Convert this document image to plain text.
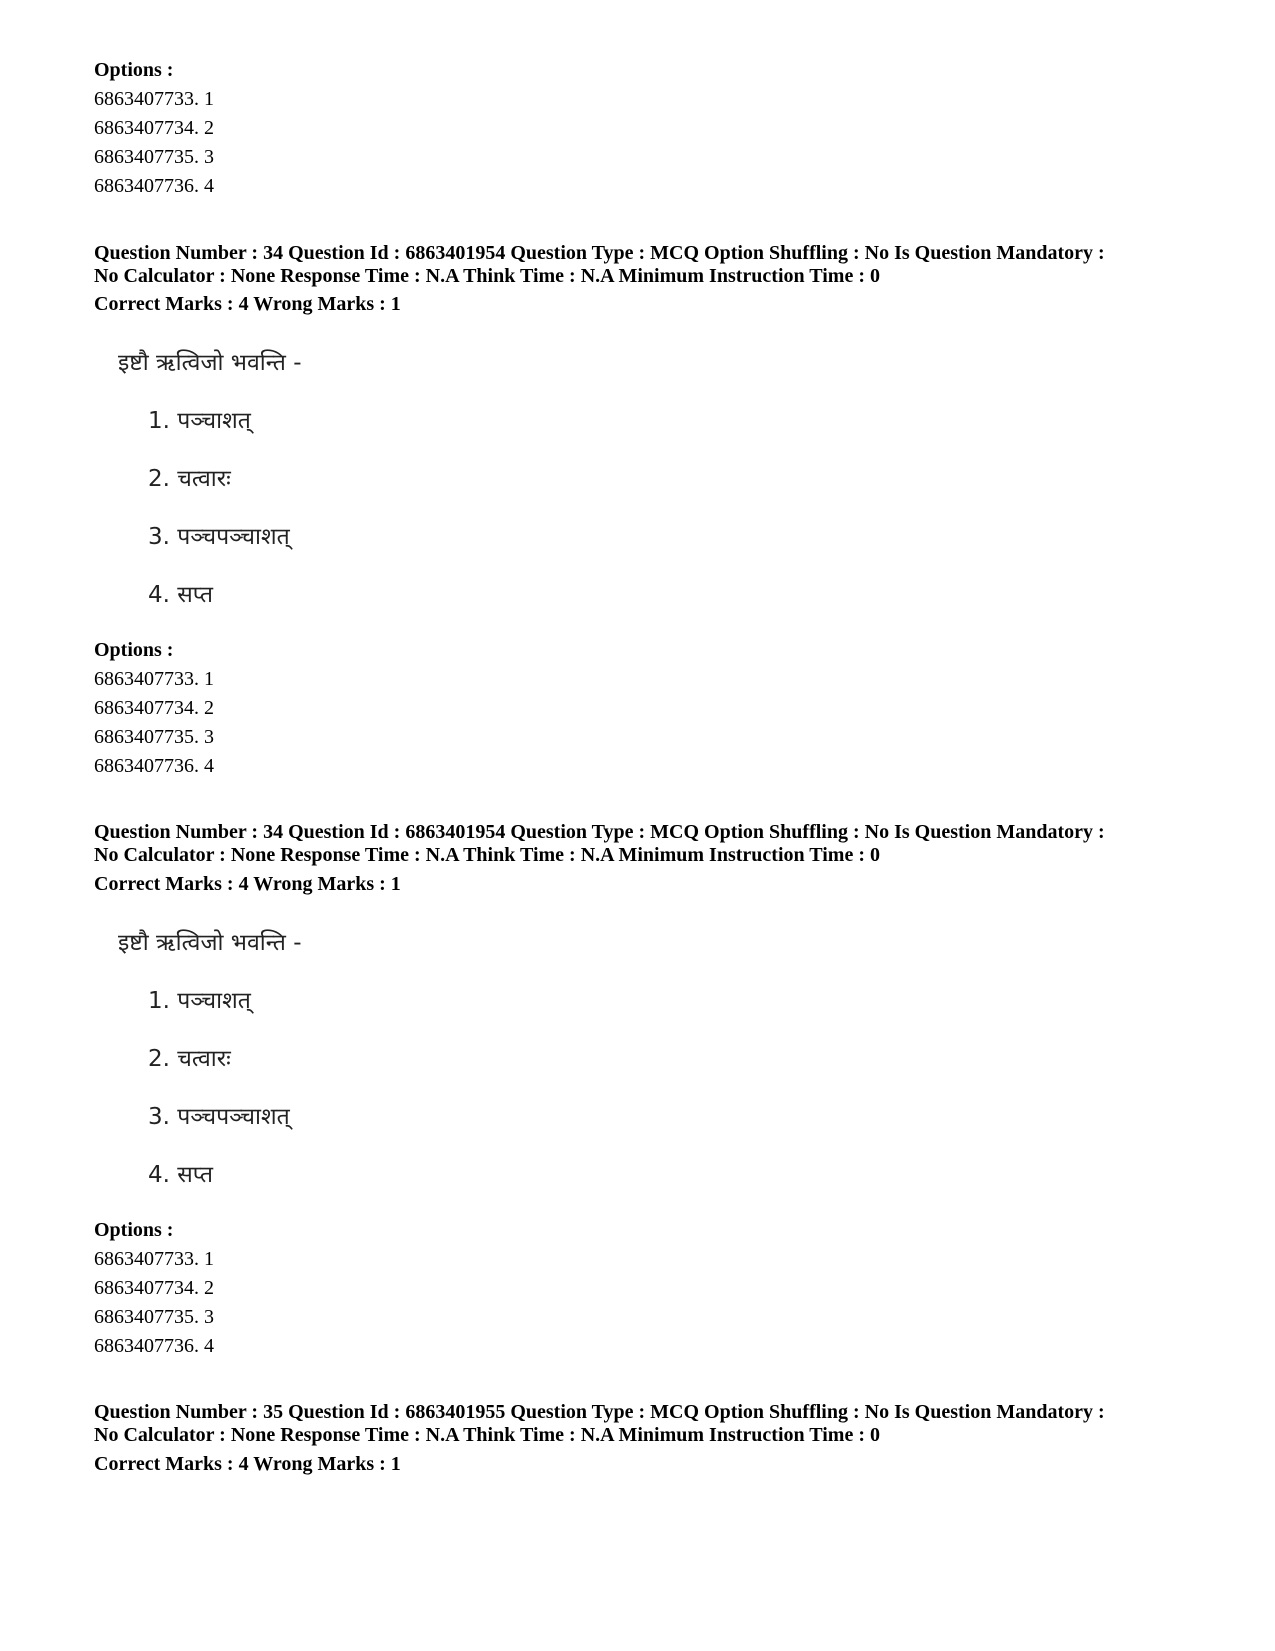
Options :
6863407733. 1
6863407734. 2
6863407735. 3
6863407736. 4
Question Number : 34 Question Id : 6863401954 Question Type : MCQ Option Shuffling : No Is Question Mandatory :
No Calculator : None Response Time : N.A Think Time : N.A Minimum Instruction Time : 0
Correct Marks : 4 Wrong Marks : 1
इष्टौ ऋत्विजो भवन्ति -
1. पञ्चाशत्
2. चत्वारः
3. पञ्चपञ्चाशत्
4. सप्त
Options :
6863407733. 1
6863407734. 2
6863407735. 3
6863407736. 4
Question Number : 34 Question Id : 6863401954 Question Type : MCQ Option Shuffling : No Is Question Mandatory :
No Calculator : None Response Time : N.A Think Time : N.A Minimum Instruction Time : 0
Correct Marks : 4 Wrong Marks : 1
इष्टौ ऋत्विजो भवन्ति -
1. पञ्चाशत्
2. चत्वारः
3. पञ्चपञ्चाशत्
4. सप्त
Options :
6863407733. 1
6863407734. 2
6863407735. 3
6863407736. 4
Question Number : 35 Question Id : 6863401955 Question Type : MCQ Option Shuffling : No Is Question Mandatory :
No Calculator : None Response Time : N.A Think Time : N.A Minimum Instruction Time : 0
Correct Marks : 4 Wrong Marks : 1
